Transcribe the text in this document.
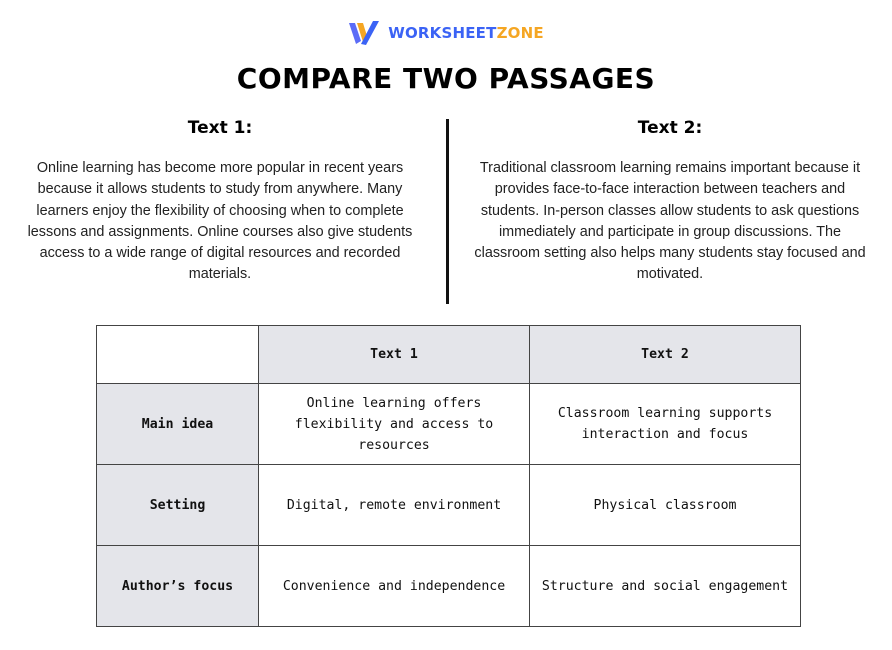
WORKSHEETZONE
COMPARE TWO PASSAGES
Text 1:

Online learning has become more popular in recent years because it allows students to study from anywhere. Many learners enjoy the flexibility of choosing when to complete lessons and assignments. Online courses also give students access to a wide range of digital resources and recorded materials.

Text 2:

Traditional classroom learning remains important because it provides face-to-face interaction between teachers and students. In-person classes allow students to ask questions immediately and participate in group discussions. The classroom setting also helps many students stay focused and motivated.

	Text 1	Text 2
Main idea	Online learning offers flexibility and access to resources	Classroom learning supports interaction and focus
Setting	Digital, remote environment	Physical classroom
Author’s focus	Convenience and independence	Structure and social engagement
